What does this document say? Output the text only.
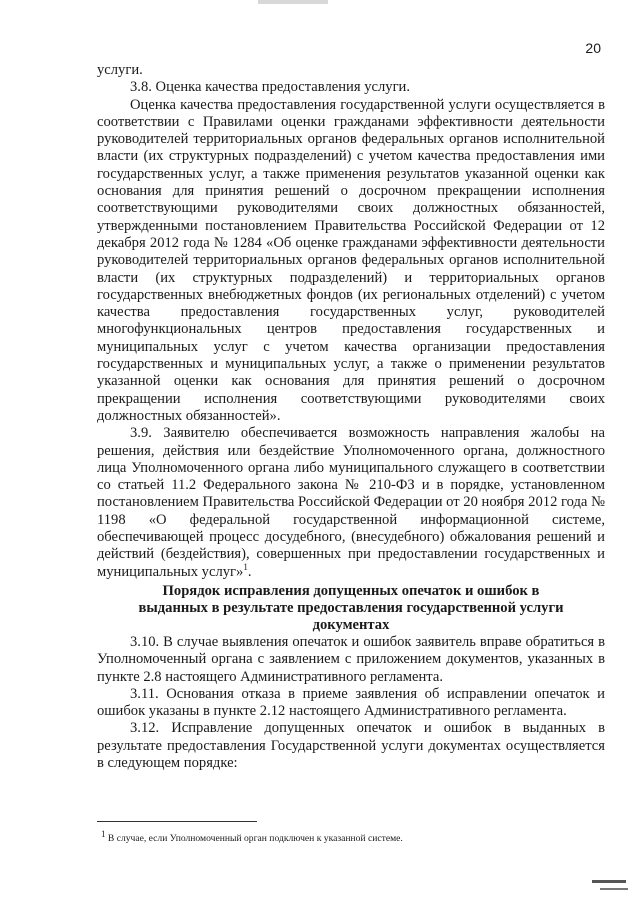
20

услуги.

3.8. Оценка качества предоставления услуги.

Оценка качества предоставления государственной услуги осуществляется в соответствии с Правилами оценки гражданами эффективности деятельности руководителей территориальных органов федеральных органов исполнительной власти (их структурных подразделений) с учетом качества предоставления ими государственных услуг, а также применения результатов указанной оценки как основания для принятия решений о досрочном прекращении исполнения соответствующими руководителями своих должностных обязанностей, утвержденными постановлением Правительства Российской Федерации от 12 декабря 2012 года № 1284 «Об оценке гражданами эффективности деятельности руководителей территориальных органов федеральных органов исполнительной власти (их структурных подразделений) и территориальных органов государственных внебюджетных фондов (их региональных отделений) с учетом качества предоставления государственных услуг, руководителей многофункциональных центров предоставления государственных и муниципальных услуг с учетом качества организации предоставления государственных и муниципальных услуг, а также о применении результатов указанной оценки как основания для принятия решений о досрочном прекращении исполнения соответствующими руководителями своих должностных обязанностей».

3.9. Заявителю обеспечивается возможность направления жалобы на решения, действия или бездействие Уполномоченного органа, должностного лица Уполномоченного органа либо муниципального служащего в соответствии со статьей 11.2 Федерального закона № 210-ФЗ и в порядке, установленном постановлением Правительства Российской Федерации от 20 ноября 2012 года № 1198 «О федеральной государственной информационной системе, обеспечивающей процесс досудебного, (внесудебного) обжалования решений и действий (бездействия), совершенных при предоставлении государственных и муниципальных услуг»$^1$.

Порядок исправления допущенных опечаток и ошибок в выданных в результате предоставления государственной услуги документах

3.10. В случае выявления опечаток и ошибок заявитель вправе обратиться в Уполномоченный органа с заявлением с приложением документов, указанных в пункте 2.8 настоящего Административного регламента.

3.11. Основания отказа в приеме заявления об исправлении опечаток и ошибок указаны в пункте 2.12 настоящего Административного регламента.

3.12. Исправление допущенных опечаток и ошибок в выданных в результате предоставления Государственной услуги документах осуществляется в следующем порядке:

$^1$ В случае, если Уполномоченный орган подключен к указанной системе.
